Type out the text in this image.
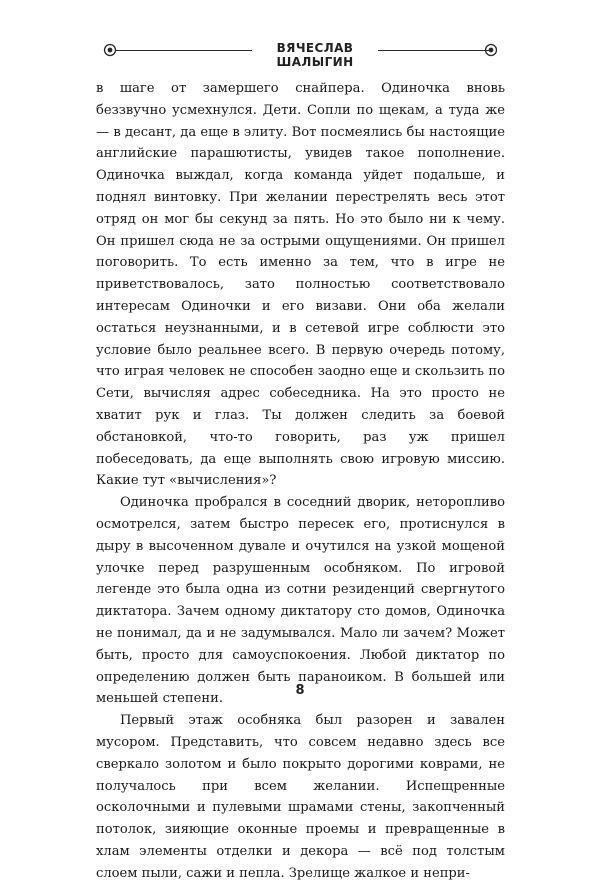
ВЯЧЕСЛАВ ШАЛЫГИН

в шаге от замершего снайпера. Одиночка вновь беззвучно усмехнулся. Дети. Сопли по щекам, а туда же — в десант, да еще в элиту. Вот посмеялись бы настоящие английские парашютисты, увидев такое пополнение. Одиночка выждал, когда команда уйдет подальше, и поднял винтовку. При желании перестрелять весь этот отряд он мог бы секунд за пять. Но это было ни к чему. Он пришел сюда не за острыми ощущениями. Он пришел поговорить. То есть именно за тем, что в игре не приветствовалось, зато полностью соответствовало интересам Одиночки и его визави. Они оба желали остаться неузнанными, и в сетевой игре соблюсти это условие было реальнее всего. В первую очередь потому, что играя человек не способен заодно еще и скользить по Сети, вычисляя адрес собеседника. На это просто не хватит рук и глаз. Ты должен следить за боевой обстановкой, что-то говорить, раз уж пришел побеседовать, да еще выполнять свою игровую миссию. Какие тут «вычисления»?

Одиночка пробрался в соседний дворик, неторопливо осмотрелся, затем быстро пересек его, протиснулся в дыру в высоченном дувале и очутился на узкой мощеной улочке перед разрушенным особняком. По игровой легенде это была одна из сотни резиденций свергнутого диктатора. Зачем одному диктатору сто домов, Одиночка не понимал, да и не задумывался. Мало ли зачем? Может быть, просто для самоуспокоения. Любой диктатор по определению должен быть параноиком. В большей или меньшей степени.

Первый этаж особняка был разорен и завален мусором. Представить, что совсем недавно здесь все сверкало золотом и было покрыто дорогими коврами, не получалось при всем желании. Испещренные осколочными и пулевыми шрамами стены, закопченный потолок, зияющие оконные проемы и превращенные в хлам элементы отделки и декора — всё под толстым слоем пыли, сажи и пепла. Зрелище жалкое и непри-

8
